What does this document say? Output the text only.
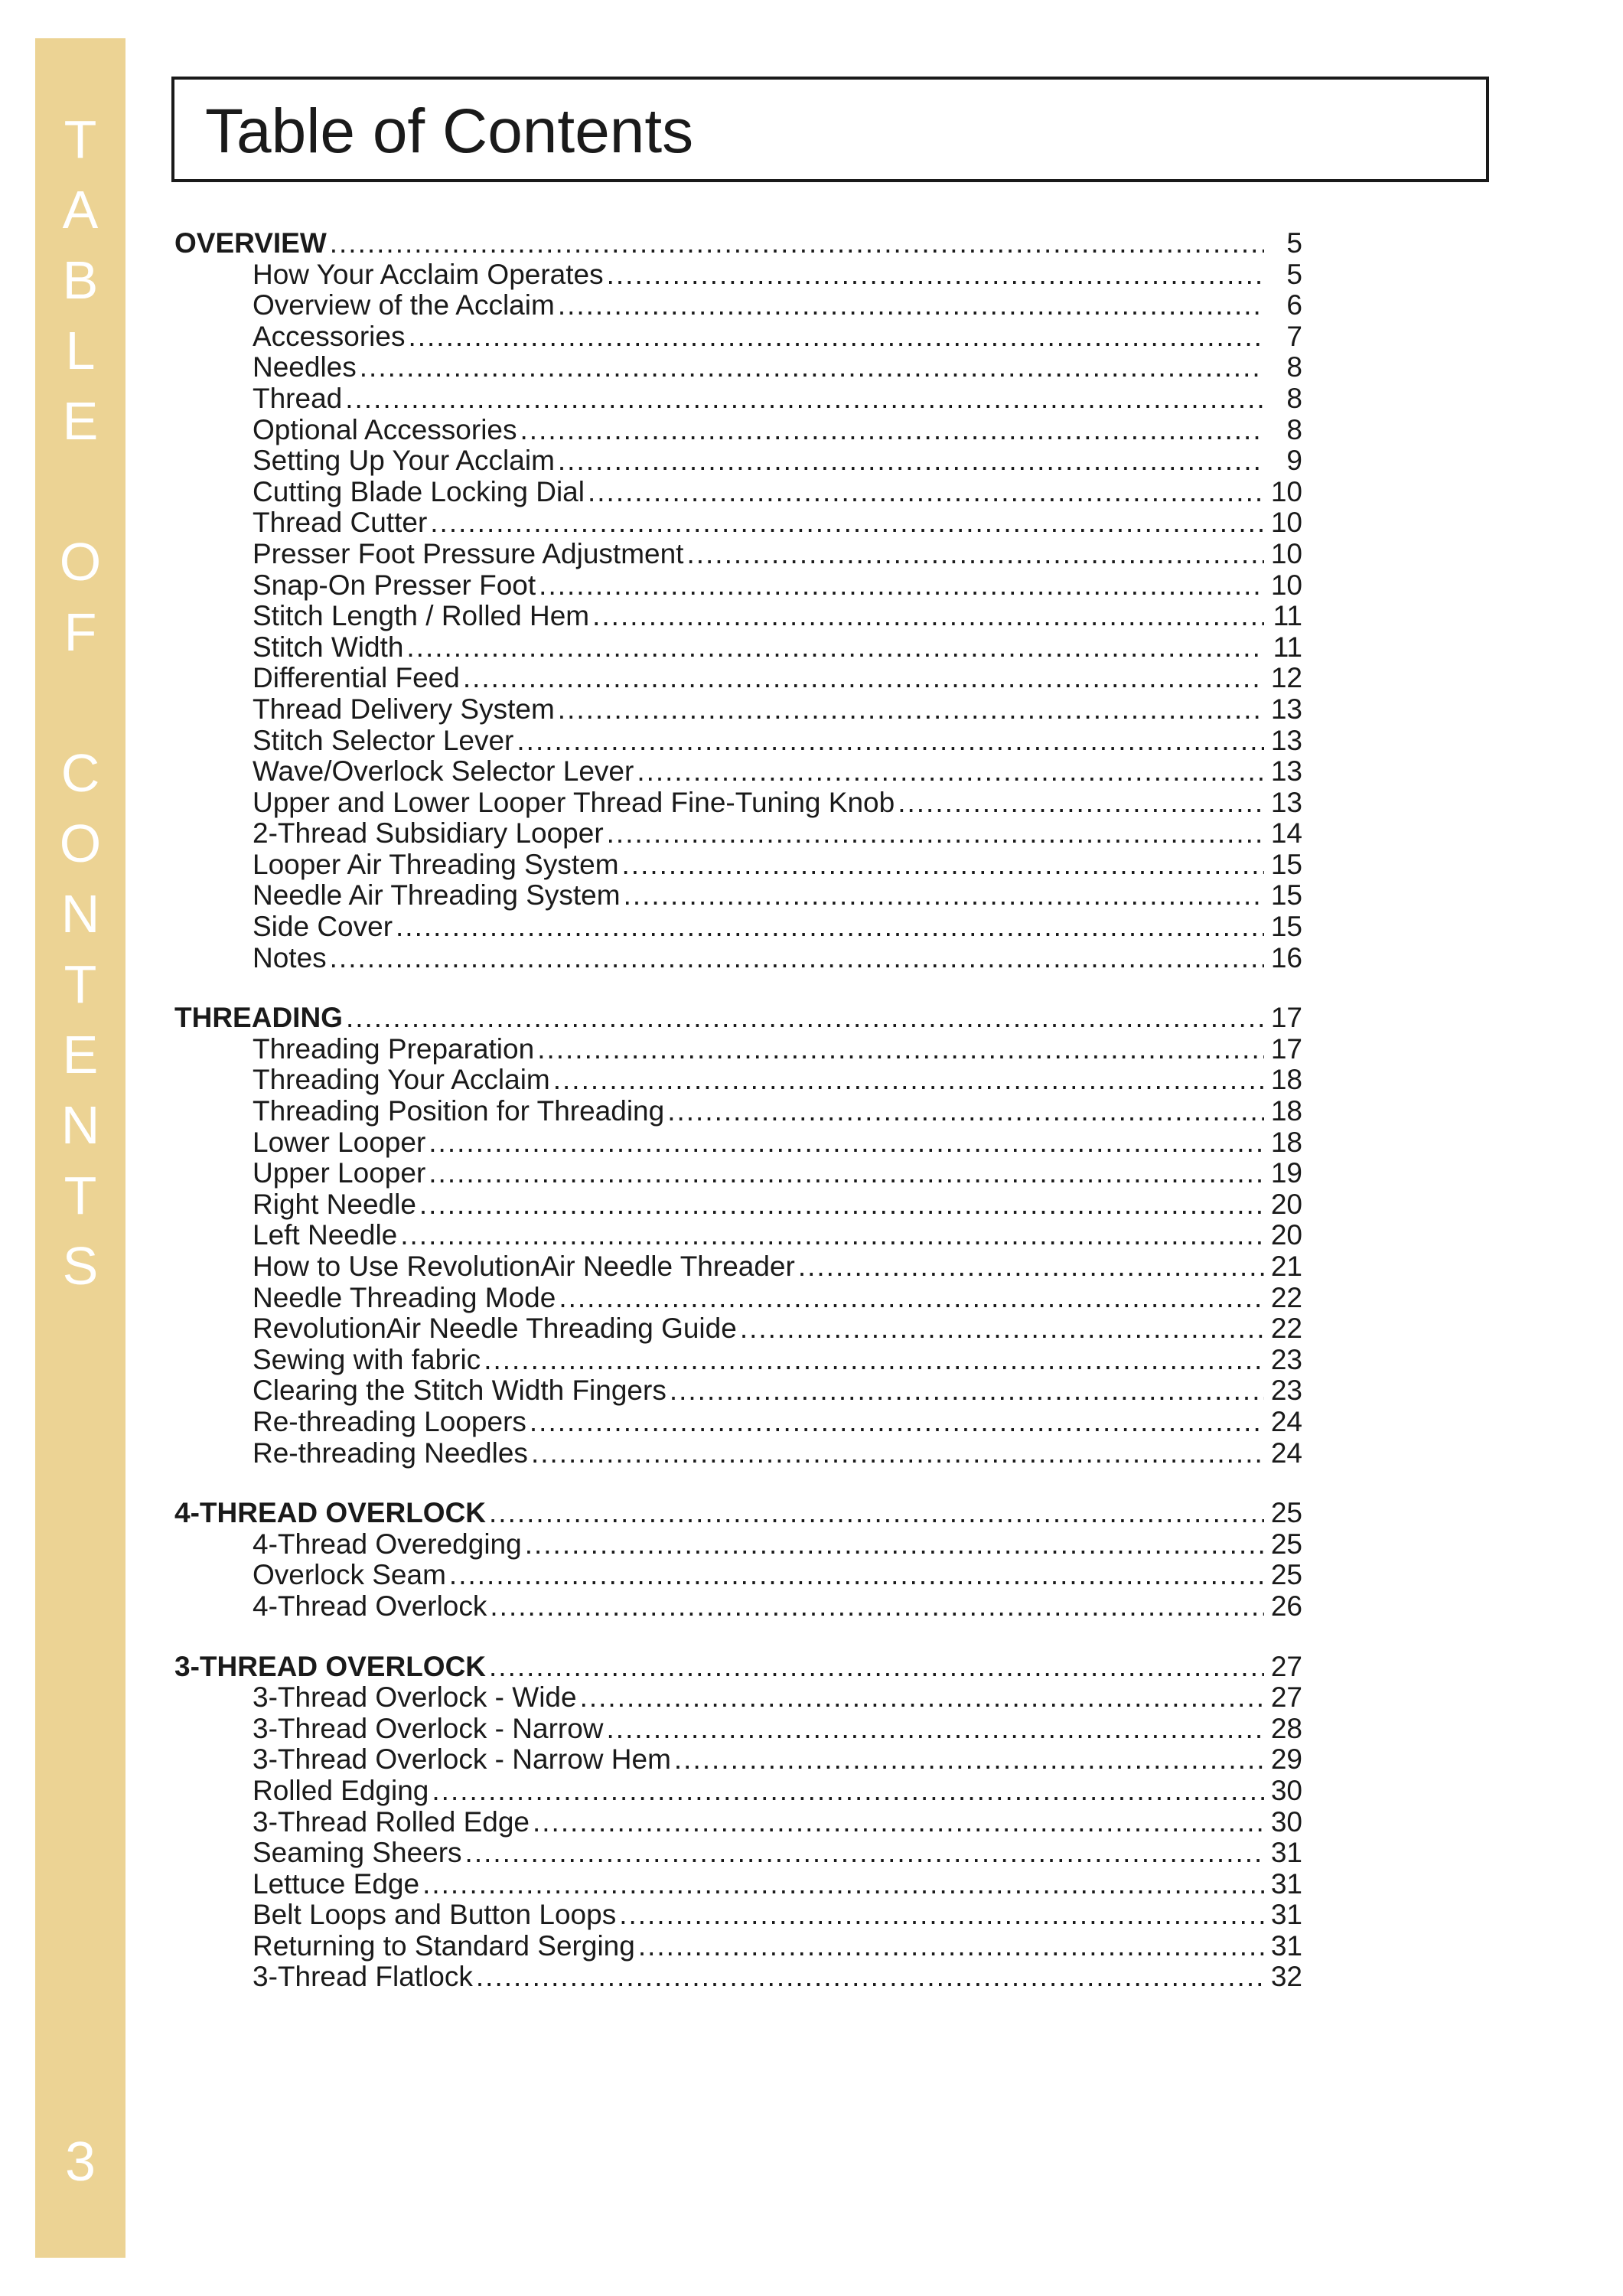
T
A
B
L
E
O
F
C
O
N
T
E
N
T
S
3
Table of Contents
OVERVIEW .....	5
How Your Acclaim Operates .....	5
Overview of the Acclaim .....	6
Accessories .....	7
Needles .....	8
Thread .....	8
Optional Accessories .....	8
Setting Up Your Acclaim .....	9
Cutting Blade Locking Dial .....	10
Thread Cutter .....	10
Presser Foot Pressure Adjustment .....	10
Snap-On Presser Foot .....	10
Stitch Length / Rolled Hem .....	11
Stitch Width .....	11
Differential Feed .....	12
Thread Delivery System .....	13
Stitch Selector Lever .....	13
Wave/Overlock Selector Lever .....	13
Upper and Lower Looper Thread Fine-Tuning Knob .....	13
2-Thread Subsidiary Looper .....	14
Looper Air Threading System .....	15
Needle Air Threading System .....	15
Side Cover .....	15
Notes .....	16
THREADING .....	17
Threading Preparation .....	17
Threading Your Acclaim .....	18
Threading Position for Threading .....	18
Lower Looper .....	18
Upper Looper .....	19
Right Needle .....	20
Left Needle .....	20
How to Use RevolutionAir Needle Threader .....	21
Needle Threading Mode .....	22
RevolutionAir Needle Threading Guide .....	22
Sewing with fabric .....	23
Clearing the Stitch Width Fingers .....	23
Re-threading Loopers .....	24
Re-threading Needles .....	24
4-THREAD OVERLOCK .....	25
4-Thread Overedging .....	25
Overlock Seam .....	25
4-Thread Overlock .....	26
3-THREAD OVERLOCK .....	27
3-Thread Overlock - Wide .....	27
3-Thread Overlock - Narrow .....	28
3-Thread Overlock - Narrow Hem .....	29
Rolled Edging .....	30
3-Thread Rolled Edge .....	30
Seaming Sheers .....	31
Lettuce Edge .....	31
Belt Loops and Button Loops .....	31
Returning to Standard Serging .....	31
3-Thread Flatlock .....	32
